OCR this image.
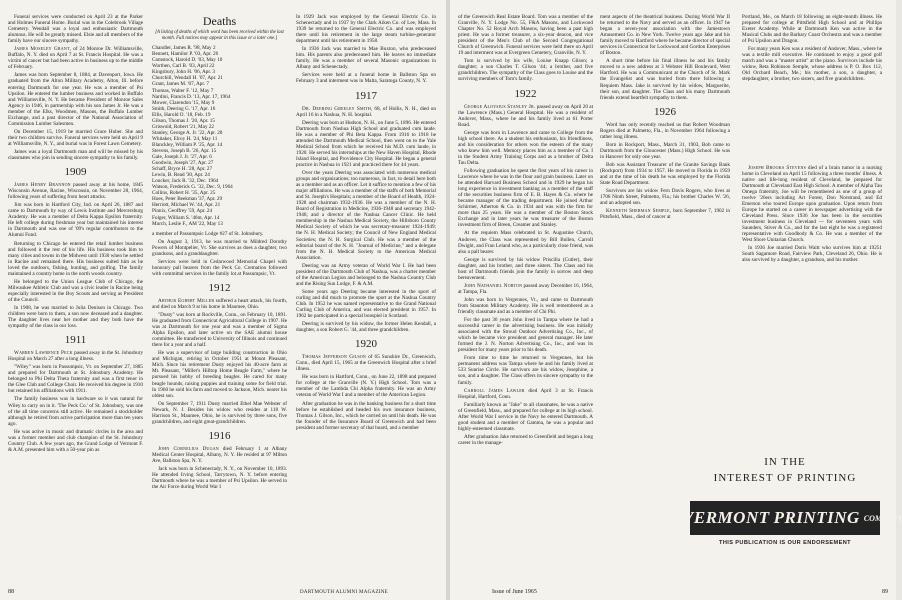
Funeral services were conducted on April 23 at the Parker and Holmes Funeral Home. Burial was in the Colebrook Village Cemetery. Wendall was a loyal and enthusiastic Dartmouth alumnus. He will be greatly missed. Elsie and all members of the family have our sincere sympathy.

James Moseley Grant, of 24 Monroe Dr. Williamsville, Buffalo, N. Y. died on April 7 at St. Francis Hospital. He was a victim of cancer but had been active in business up to the middle of February.

James was born September 8, 1884, at Davenport, Iowa. He graduated from the Alton Military Academy, Alton, Ill. before entering Dartmouth for one year. He was a member of Psi Upsilon. He entered the lumber business and worked in Buffalo and Williamsville, N. Y. He became President of Monroe Sales Agency in 1946, in partnership with his son James Jr. He was a member of the Elks, Woodmen, Masons, the Buffalo Lumber Exchange, and a past director of the National Association of Commission Lumber Salesmen.

On December 15, 1919 he married Grace Huber. She and their two children survive. Funeral services were held on April 9 at Williamsville, N. Y., and burial was in Forest Lawn Cemetery.

James was a loyal Dartmouth man and will be missed by his classmates who join in sending sincere sympathy to his family.

1909

James Henry Brannon passed away at his home, 1845 Wisconsin Avenue, Racine, Wisconsin, on November 28, 1964, following years of suffering from heart attacks.

Jim was born in Hartford City, Ind. on April 26, 1887 and came to Dartmouth by way of Lewis Institute and Mercersburg Academy. He was a member of Delta Kappa Epsilon fraternity. He left college during freshman year but maintained his interest in Dartmouth and was one of '09's regular contributors to the Alumni Fund.

Returning to Chicago he entered the retail lumber business and followed it the rest of his life. His business took him to many cities and towns in the Midwest until 1930 when he settled in Racine and remained there. His business suited him as he loved the outdoors, fishing, hunting, and golfing. The family maintained a country home in the north woods country.

He belonged to the Union League Club of Chicago, the Milwaukee Athletic Club and was a civic leader in Racine being especially interested in the Boy Scouts and serving as President of the Council.

In 1908, he was married to Julia Denison in Chicago. Two children were born to them, a son now deceased and a daughter. The daughter lives near her mother and they both have the sympathy of the class in our loss.

1911

Warren Lawrence Peck passed away in the St. Johnsbury Hospital on March 27 after a long illness.

"Wiley" was born in Passumpsic, Vt. on September 27, 1885 and prepared for Dartmouth at St. Johnsbury Academy. He belonged to Phi Delta Theta fraternity and was a first tenor in the Glee Club and College Choir. He received his degree in 1910 but retained his affiliations with 1911.

The family business was in hardware so it was natural for Wiley to carry on in it. 'The Peck Co.' of St. Johnsbury, was one of the all time concerns still active. He remained a stockholder although he retired from active participation more than ten years ago.

He was active in music and dramatic circles in the area and was a former member and club champion of the St. Johnsbury Country Club. A few years ago, the Grand Lodge of Vermont F. & A.M. presented him with a 50-year pin as

Deaths
[A listing of deaths of which word has been received within the last month. Full notices may appear in this issue or a later one.]
Chandler, James R. '98, May 2
Bennett, Hamilor P. '03, Apr. 26
Comstock, Harold D. '03, May 10
Worthen, Carl B. '03, April 22
Kingsbury, John H. '06, Apr. 3
Churchill, Wendall H. '07, Apr. 21
Grant, James M. '07, Apr. 7
Thomas, Walter F. '12, May 7
Nardini, Francis D. '13, Apr. 17, 1964
Mower, Clarendon '15, May 9
Smith, Deering G. '17, Apr. 16
Ellis, Harold O. '18, Feb. 19
Gilson, Thomas J. '20, Apr. 15
Griswold, Robert '21, May 22
Stanley, George A. Jr. '22, Apr. 20
Whitaker, Elroy H. '24, May 11
Blanckley, William P. '25, Apr. 14
Stevens, Joseph B. '26, Apr. 15
Gale, Joseph J. Jr. '27, Apr. 6
Goodwin, Joseph '27, Apr. 27
Schaff, Bryce H. '28, Apr. 27
Lewin, B. Read '30, Apr. 24
Loucker, Jack R. '32, Dec. 1964
Watson, Frederick G. '32, Dec. 9, 1964
Collins, Robert H. '35, Apr. 25
Hoes, Peter Beekman '37, Apr. 29
Herriott, Michael W. '44, Apr. 21
Pinnix, Geoffrey '59, Apr. 24
Folger, William S. '46m, Apr. 14
Murch, Leslie F., AM '22, May 13

a member of Passumpsic Lodge #27 of St. Johnsbury.

On August 3, 1913, he was married to Mildred Dorothy Powers of Montpelier, Vt. She survives as does a daughter, two grandsons, and a granddaughter.

Services were held in Cedarwood Memorial Chapel with honorary pall bearers from the Peck Co. Cremation followed with committal services in the family lot at Passumpsic, Vt.

1912

Arthur Egbert Miller suffered a heart attack, his fourth, and died on March 9 at his home in Maumee, Ohio.

"Dusty" was born at Rockville, Conn., on February 10, 1891. He graduated from Connecticut Agricultural College in 1907. He was at Dartmouth for one year and was a member of Sigma Alpha Epsilon, and later active on the SAE alumni house committee. He transferred to University of Illinois and continued there for a year and a half.

He was a supervisor of large building construction in Ohio and Michigan, retiring in October 1951 at Mount Pleasant, Mich. Since his retirement Dusty enjoyed his 40-acre farm at Mt. Pleasant, "Miller's Hilltop Home Beagle Farm," where he pursued his hobby of breeding beagles. He cared for many beagle hounds, raising puppies and training some for field trial. In 1960 he sold his farm and moved to Jackson, Mich. nearer his oldest son.

On September 7, 1911 Dusty married Ethel Mae Webster of Newark, N. J. Besides his widow who resides at 118 W. Harrison St., Maumee, Ohio, he is survived by three sons, five grandchildren, and eight great-grandchildren.

1916

John Cornelius Dugan died February 1 at Albany Medical Center Hospital, Albany, N. Y. He resided at 97 Milton Ave, Ballston Spa, N. Y.

Jack was born in Schenectady, N. Y., on November 10, 1893. He attended Irving School, Tarrytown, N. Y. before entering Dartmouth where he was a member of Psi Upsilon. He served in the Air Force during World War I

In 1929 Jack was employed by the General Electric Co. in Schenectady and in 1937 by the Clark Aiken Co. of Lee, Mass. In 1939 he returned to the General Electric Co. and was employed there until his retirement in the large steam turbine-generator department until his retirement in 1958.

In 1936 Jack was married to Mae Buxton, who predeceased him. His parents also predeceased him. He leaves no immediate family. He was a member of several Masonic organizations in Albany and Schenectady.

Services were held at a funeral home in Ballston Spa on February 3 and interment was in Malta, Saratoga County, N. Y.

1917

Dr. Deering Greeley Smith, 68, of Hollis, N. H., died on April 16 in a Nashua, N. H. hospital.

Deering was born at Hudson, N. H., on June 5, 1896. He entered Dartmouth from Nashua High School and graduated cum laude. He was a member of Phi Beta Kappa. From 1916 to 1918 he attended the Dartmouth Medical School, then went on to the Yale Medical School from which he received his M.D. cum laude, in 1920. He served his internships at the New Haven Hospital, Rhode Island Hospital, and Providence City Hospital. He began a general practice in Nashua in 1921 and practiced there for 44 years.

Over the years Deering was associated with numerous medical groups and organizations; too numerous, in fact, to detail here both as a member and as an officer. Let it suffice to mention a few of his major affiliations. He was a member of the staffs of both Memorial and St. Joseph's Hospitals; a member of the Board of Health, 1924-1928 and chairman 1932-1936. He was a member of the N. H. Board of Registration in Medicine, 1936-1948 and secretary 1942-1946; and a director of the Nashua Cancer Clinic. He held membership in the Nashua Medical Society, the Hillsboro County Medical Society of which he was secretary-treasurer 1924-1949; the N. H. Medical Society; the Council of New England Medical Societies; the N. H. Surgical Club. He was a member of the editorial board of the N. H. "Journal of Medicine," and a delegate from the N. H. Medical Society to the American Medical Association.

Deering was an Army veteran of World War I. He had been president of the Dartmouth Club of Nashua, was a charter member of the American Legion and belonged to the Nashua Country Club and the Rising Sun Lodge, F. & A.M.

Some years ago Deering became interested in the sport of curling and did much to promote the sport at the Nashua Country Club. In 1952 he was named representative to the Grand National Curling Club of America, and was elected president in 1957. In 1962 he participated in a special bonspiel in Scotland.

Deering is survived by his widow, the former Helen Kendall, a daughter, a son Robert G. '44, and three grandchildren.

1920

Thomas Jefferson Gilson of 65 Sunshire Dr., Greenwich, Conn., died April 15, 1965 at the Greenwich Hospital after a brief illness.

He was born in Hartford, Conn., on June 22, 1898 and prepared for college at the Granville (N. Y.) High School. Tom was a member of the Lambda Chi Alpha fraternity. He was an Army veteran of World War I and a member of the American Legion.

After graduation he was in the banking business for a short time before he established and headed his own insurance business, Thomas J. Gilson, Inc., which he carried on until his death. He was the founder of the Insurance Board of Greenwich and had been president and former secretary of that board, and a member

88	DARTMOUTH ALUMNI MAGAZINE

of the Greenwich Real Estate Board. Tom was a member of the Granville, N. Y. Lodge No. 55, F&A Masons, and Lockwood Chapter No. 52 Royal Arch Masons, having been a past high priest. He was a former treasurer, a six-year deacon, and vice president of the Men's Club of the Second Congregational Church of Greenwich. Funeral services were held there on April 19 and interment was at Evergreen Cemetery, Granville, N. Y.

Tom is survived by his wife, Louise Knapp Gilson; a daughter; a son Charles T. Gilson '44; a brother, and five grandchildren. The sympathy of the Class goes to Louise and the surviving members of Tom's family.

1922

George Aloysius Stanley Jr. passed away on April 20 at the Lawrence (Mass.) General Hospital. He was a resident of Andover, Mass., where he and his family lived at 61 Porter Road.

George was born in Lawrence and came to College from the high school there. As a student his enthusiasm, his friendliness, and his consideration for others won the esteem of the many who knew him well. Memory places him as a member of Co. I in the Student Army Training Corps and as a brother of Delta Tau Delta.

Following graduation he spent the first years of his career in Lawrence where he was in the flour and grain business. Later on he attended Harvard Business School and in 1929 he began his long experience in investment banking as a member of the staff of the securities business firm of E. B. Hayes & Co. where he became manager of the trading department. He joined Arthur Schirmer, Atherton & Co. in 1934 and was with the firm for more than 25 years. He was a member of the Boston Stock Exchange and in later years he was treasurer of the Boston investment firm of Breen, Creamer and Stanley.

At the requiem Mass celebrated in St. Augustine Church, Andover, the Class was represented by Bill Bullen, Carroll Dwight, and Fran Leland who, as a particularly close friend, was also a pall bearer.

George is survived by his widow Priscilla (Cutler), their daughter, and his brother, and three sisters. The Class and his host of Dartmouth friends join the family in sorrow and deep bereavement.

John Nathaniel Norton passed away December 16, 1964, at Tampa, Fla.

John was born in Vergennes, Vt., and came to Dartmouth from Staunton Military Academy. He is well remembered as a friendly classmate and as a member of Chi Phi.

For the past 36 years John lived in Tampa where he had a successful career in the advertising business. He was initially associated with the Stroud Outdoor Advertising Co., Inc., of which he became vice president and general manager. He later formed the J. N. Norton Advertising Co., Inc., and was its president for many years prior to his death.

From time to time he returned to Vergennes, but his permanent address was Tampa where he and his family lived at 533 Sunrise Circle. He survivors are his widow, Josephine, a son, and a daughter. The Class offers its sincere sympathy to the family.

Carroll James Lawler died April 3 at St. Francis Hospital, Hartford, Conn.

Familiarly known as "Jake" to all classmates, he was a native of Greenfield, Mass., and prepared for college at its high school. After World War I service in the Navy he entered Dartmouth. A good student and a member of Gamma, he was a popular and highly-esteemed classmate.

After graduation Jake returned to Greenfield and began a long career in the manage-

ment aspects of the theatrical business. During World War II he returned to the Navy and served as an officer. In 1947 he began a seven-year association with the Jamestown Amusement Co. in New York. Twelve years ago Jake and his family moved to Hartford where he became director of special services in Connecticut for Lockwood and Gordon Enterprises of Boston.

A short time before his final illness he and his family moved to a new address at 3 Webster Hill Boulevard, West Hartford. He was a Communicant at the Church of St. Mark the Evangelist and was buried from there following a Requiem Mass. Jake is survived by his widow, Marguerite, their son, and daughter. The Class and his many Dartmouth friends extend heartfelt sympathy to them.

1926

Word has only recently reached us that Robert Woodman Rogers died at Palmetto, Fla., in November 1964 following a rather long illness.

Born in Rockport, Mass., March 31, 1903, Bob came to Dartmouth from the Gloucester (Mass.) High School. He was in Hanover for only one year.

Bob was Assistant Treasurer of the Granite Savings Bank (Rockport) from 1934 to 1957. He moved to Florida in 1959 and at the time of his death he was employed by the Florida State Road Department.

Survivors are his widow Fern Davis Rogers, who lives at 1706 Ninth Street, Palmetto, Fla.; his brother Charles W. '26, and an adopted son.

Kenneth Sherman Semple, born September 7, 1902 in Pittsfield, Mass., died of cancer at

Portland, Me., on March 18 following an eight-month illness. He prepared for college at Pittsfield High School and at Phillips Exeter Academy. While at Dartmouth Ken was active in the Musical Clubs and the Barbary Coast Orchestra and was a member of Psi Upsilon and Dragon.

For many years Ken was a resident of Andover, Mass., where he was a textile mill executive. He continued to enjoy a good golf match and was a "master artist" at the piano. Survivors include his widow, Reta Robinson Semple, whose address is P. O. Box 112, Old Orchard Beach, Me.; his mother, a son, a daughter, a stepdaughter, a brother, two sisters, and five grandchildren.

Joseph Brooks Stevens died of a brain tumor in a nursing home in Cleveland on April 15 following a three months' illness. A native and life-long resident of Cleveland, he prepared for Dartmouth at Cleveland East High School. A member of Alpha Tau Omega fraternity, Joe will be remembered as one of a group of twelve '26ers including Art Forest, Don Norstrand, and Ed Emerson who toured Europe upon graduation. Upon return from Europe he started on a career in newspaper advertising with the Cleveland Press. Since 1936 Joe has been in the securities investment business in Cleveland — for seventeen years with Saunders, Stiver & Co., and for the last eight he was a registered representative with Goodbody & Co. He was a member of the West Shore Unitarian Church.

In 1936 Joe married Doris Waitt who survives him at 19251 South Sagamore Road, Fairview Park, Cleveland 26, Ohio. He is also survived by a daughter, a grandson, and his mother.

Issue of June 1965	89
IN THE
INTEREST OF PRINTING
THE VERMONT PRINTING COMPANY
THIS PUBLICATION IS OUR ENDORSEMENT
